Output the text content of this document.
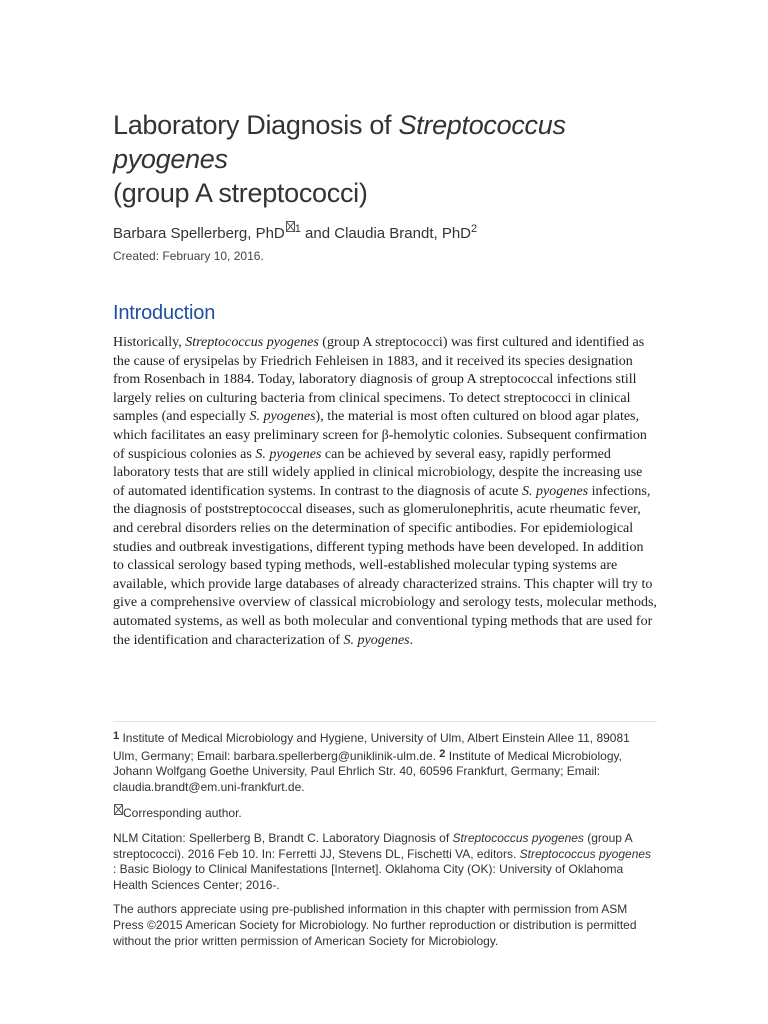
Laboratory Diagnosis of Streptococcus pyogenes
(group A streptococci)
Barbara Spellerberg, PhD $^1$ and Claudia Brandt, PhD$^2$
Created: February 10, 2016.
Introduction

Historically, Streptococcus pyogenes (group A streptococci) was first cultured and identified as the cause of erysipelas by Friedrich Fehleisen in 1883, and it received its species designation from Rosenbach in 1884. Today, laboratory diagnosis of group A streptococcal infections still largely relies on culturing bacteria from clinical specimens. To detect streptococci in clinical samples (and especially S. pyogenes), the material is most often cultured on blood agar plates, which facilitates an easy preliminary screen for β-hemolytic colonies. Subsequent confirmation of suspicious colonies as S. pyogenes can be achieved by several easy, rapidly performed laboratory tests that are still widely applied in clinical microbiology, despite the increasing use of automated identification systems. In contrast to the diagnosis of acute S. pyogenes infections, the diagnosis of poststreptococcal diseases, such as glomerulonephritis, acute rheumatic fever, and cerebral disorders relies on the determination of specific antibodies. For epidemiological studies and outbreak investigations, different typing methods have been developed. In addition to classical serology based typing methods, well-established molecular typing systems are available, which provide large databases of already characterized strains. This chapter will try to give a comprehensive overview of classical microbiology and serology tests, molecular methods, automated systems, as well as both molecular and conventional typing methods that are used for the identification and characterization of S. pyogenes.

1 Institute of Medical Microbiology and Hygiene, University of Ulm, Albert Einstein Allee 11, 89081 Ulm, Germany; Email: barbara.spellerberg@uniklinik-ulm.de. 2 Institute of Medical Microbiology, Johann Wolfgang Goethe University, Paul Ehrlich Str. 40, 60596 Frankfurt, Germany; Email: claudia.brandt@em.uni-frankfurt.de.

Corresponding author.

NLM Citation: Spellerberg B, Brandt C. Laboratory Diagnosis of Streptococcus pyogenes (group A streptococci). 2016 Feb 10. In: Ferretti JJ, Stevens DL, Fischetti VA, editors. Streptococcus pyogenes : Basic Biology to Clinical Manifestations [Internet]. Oklahoma City (OK): University of Oklahoma Health Sciences Center; 2016-.

The authors appreciate using pre-published information in this chapter with permission from ASM Press ©2015 American Society for Microbiology. No further reproduction or distribution is permitted without the prior written permission of American Society for Microbiology.
